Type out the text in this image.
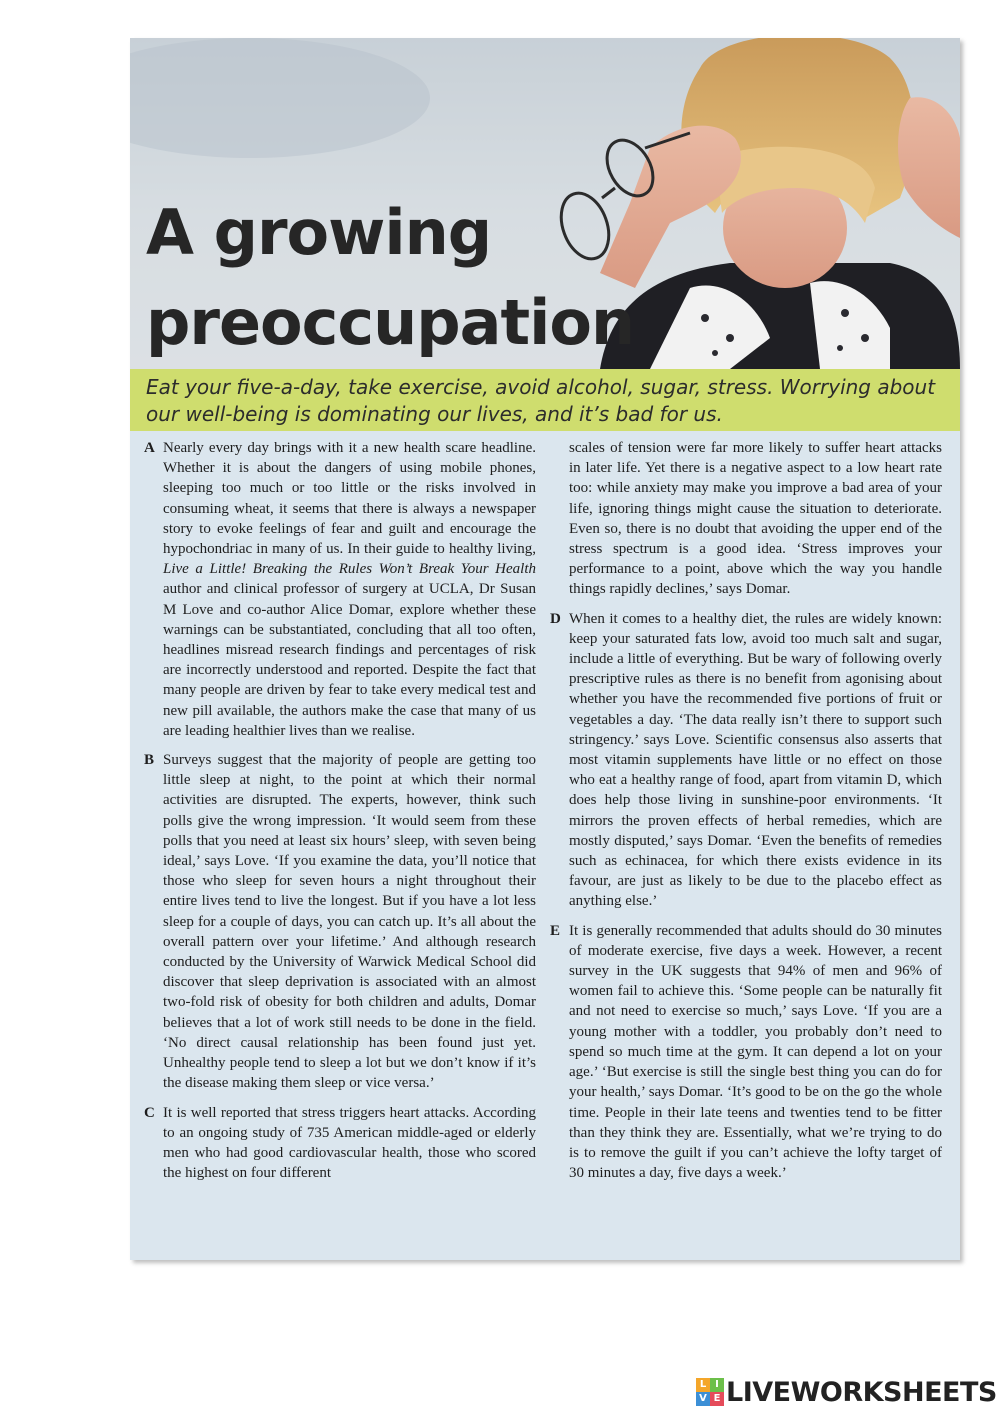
A growing
preoccupation

Eat your five-a-day, take exercise, avoid alcohol, sugar, stress. Worrying about our well-being is dominating our lives, and it’s bad for us.

A Nearly every day brings with it a new health scare headline. Whether it is about the dangers of using mobile phones, sleeping too much or too little or the risks involved in consuming wheat, it seems that there is always a newspaper story to evoke feelings of fear and guilt and encourage the hypochondriac in many of us. In their guide to healthy living, Live a Little! Breaking the Rules Won’t Break Your Health author and clinical professor of surgery at UCLA, Dr Susan M Love and co-author Alice Domar, explore whether these warnings can be substantiated, concluding that all too often, headlines misread research findings and percentages of risk are incorrectly understood and reported. Despite the fact that many people are driven by fear to take every medical test and new pill available, the authors make the case that many of us are leading healthier lives than we realise.

B Surveys suggest that the majority of people are getting too little sleep at night, to the point at which their normal activities are disrupted. The experts, however, think such polls give the wrong impression. ‘It would seem from these polls that you need at least six hours’ sleep, with seven being ideal,’ says Love. ‘If you examine the data, you’ll notice that those who sleep for seven hours a night throughout their entire lives tend to live the longest. But if you have a lot less sleep for a couple of days, you can catch up. It’s all about the overall pattern over your lifetime.’ And although research conducted by the University of Warwick Medical School did discover that sleep deprivation is associated with an almost two-fold risk of obesity for both children and adults, Domar believes that a lot of work still needs to be done in the field. ‘No direct causal relationship has been found just yet. Unhealthy people tend to sleep a lot but we don’t know if it’s the disease making them sleep or vice versa.’

C It is well reported that stress triggers heart attacks. According to an ongoing study of 735 American middle-aged or elderly men who had good cardiovascular health, those who scored the highest on four different

scales of tension were far more likely to suffer heart attacks in later life. Yet there is a negative aspect to a low heart rate too: while anxiety may make you improve a bad area of your life, ignoring things might cause the situation to deteriorate. Even so, there is no doubt that avoiding the upper end of the stress spectrum is a good idea. ‘Stress improves your performance to a point, above which the way you handle things rapidly declines,’ says Domar.

D When it comes to a healthy diet, the rules are widely known: keep your saturated fats low, avoid too much salt and sugar, include a little of everything. But be wary of following overly prescriptive rules as there is no benefit from agonising about whether you have the recommended five portions of fruit or vegetables a day. ‘The data really isn’t there to support such stringency.’ says Love. Scientific consensus also asserts that most vitamin supplements have little or no effect on those who eat a healthy range of food, apart from vitamin D, which does help those living in sunshine-poor environments. ‘It mirrors the proven effects of herbal remedies, which are mostly disputed,’ says Domar. ‘Even the benefits of remedies such as echinacea, for which there exists evidence in its favour, are just as likely to be due to the placebo effect as anything else.’

E It is generally recommended that adults should do 30 minutes of moderate exercise, five days a week. However, a recent survey in the UK suggests that 94% of men and 96% of women fail to achieve this. ‘Some people can be naturally fit and not need to exercise so much,’ says Love. ‘If you are a young mother with a toddler, you probably don’t need to spend so much time at the gym. It can depend a lot on your age.’ ‘But exercise is still the single best thing you can do for your health,’ says Domar. ‘It’s good to be on the go the whole time. People in their late teens and twenties tend to be fitter than they think they are. Essentially, what we’re trying to do is to remove the guilt if you can’t achieve the lofty target of 30 minutes a day, five days a week.’

L I
V E LIVEWORKSHEETS
